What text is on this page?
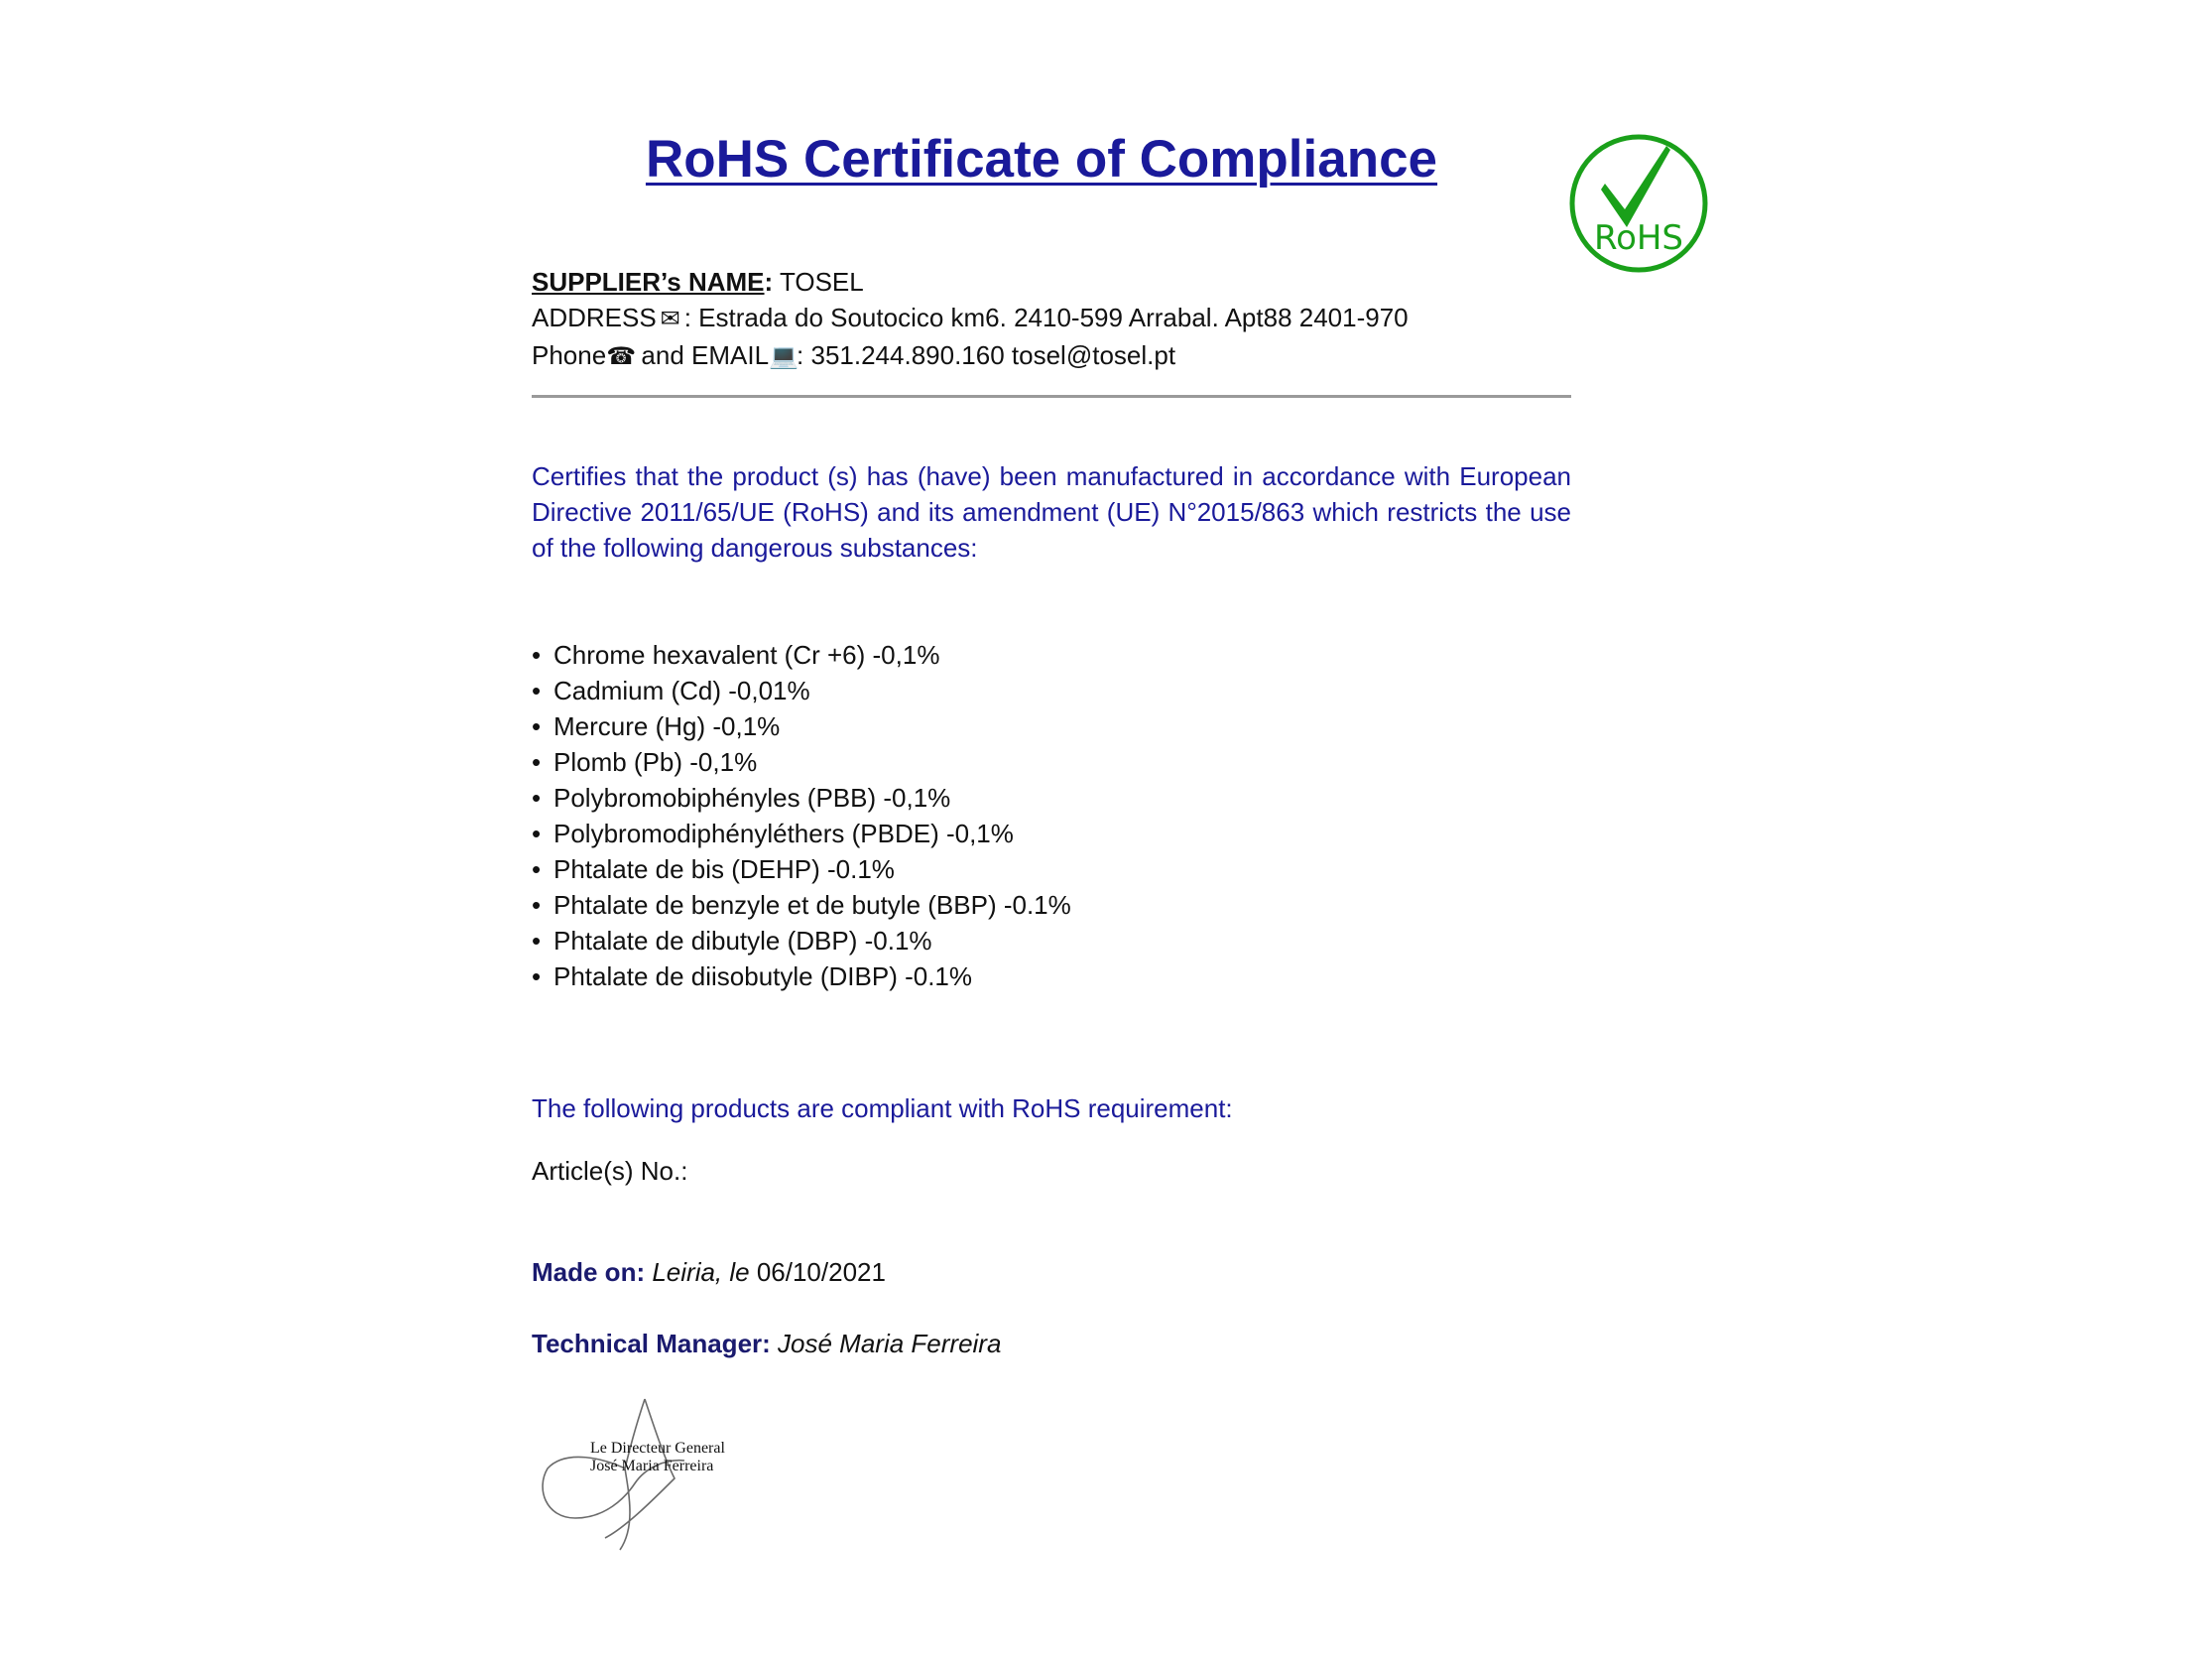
RoHS Certificate of Compliance
RoHS
SUPPLIER’s NAME: TOSEL
ADDRESS ✉ : Estrada do Soutocico km6. 2410-599 Arrabal. Apt88 2401-970
Phone☎ and EMAIL💻: 351.244.890.160 tosel@tosel.pt
Certifies that the product (s) has (have) been manufactured in accordance with European Directive 2011/65/UE (RoHS) and its amendment (UE) N°2015/863 which restricts the use of the following dangerous substances:
• Chrome hexavalent (Cr +6) -0,1%
• Cadmium (Cd) -0,01%
• Mercure (Hg) -0,1%
• Plomb (Pb) -0,1%
• Polybromobiphényles (PBB) -0,1%
• Polybromodiphényléthers (PBDE) -0,1%
• Phtalate de bis (DEHP) -0.1%
• Phtalate de benzyle et de butyle (BBP) -0.1%
• Phtalate de dibutyle (DBP) -0.1%
• Phtalate de diisobutyle (DIBP) -0.1%
The following products are compliant with RoHS requirement:
Article(s) No.:
Made on: Leiria, le 06/10/2021
Technical Manager: José Maria Ferreira
Le Directeur General
José Maria Ferreira
